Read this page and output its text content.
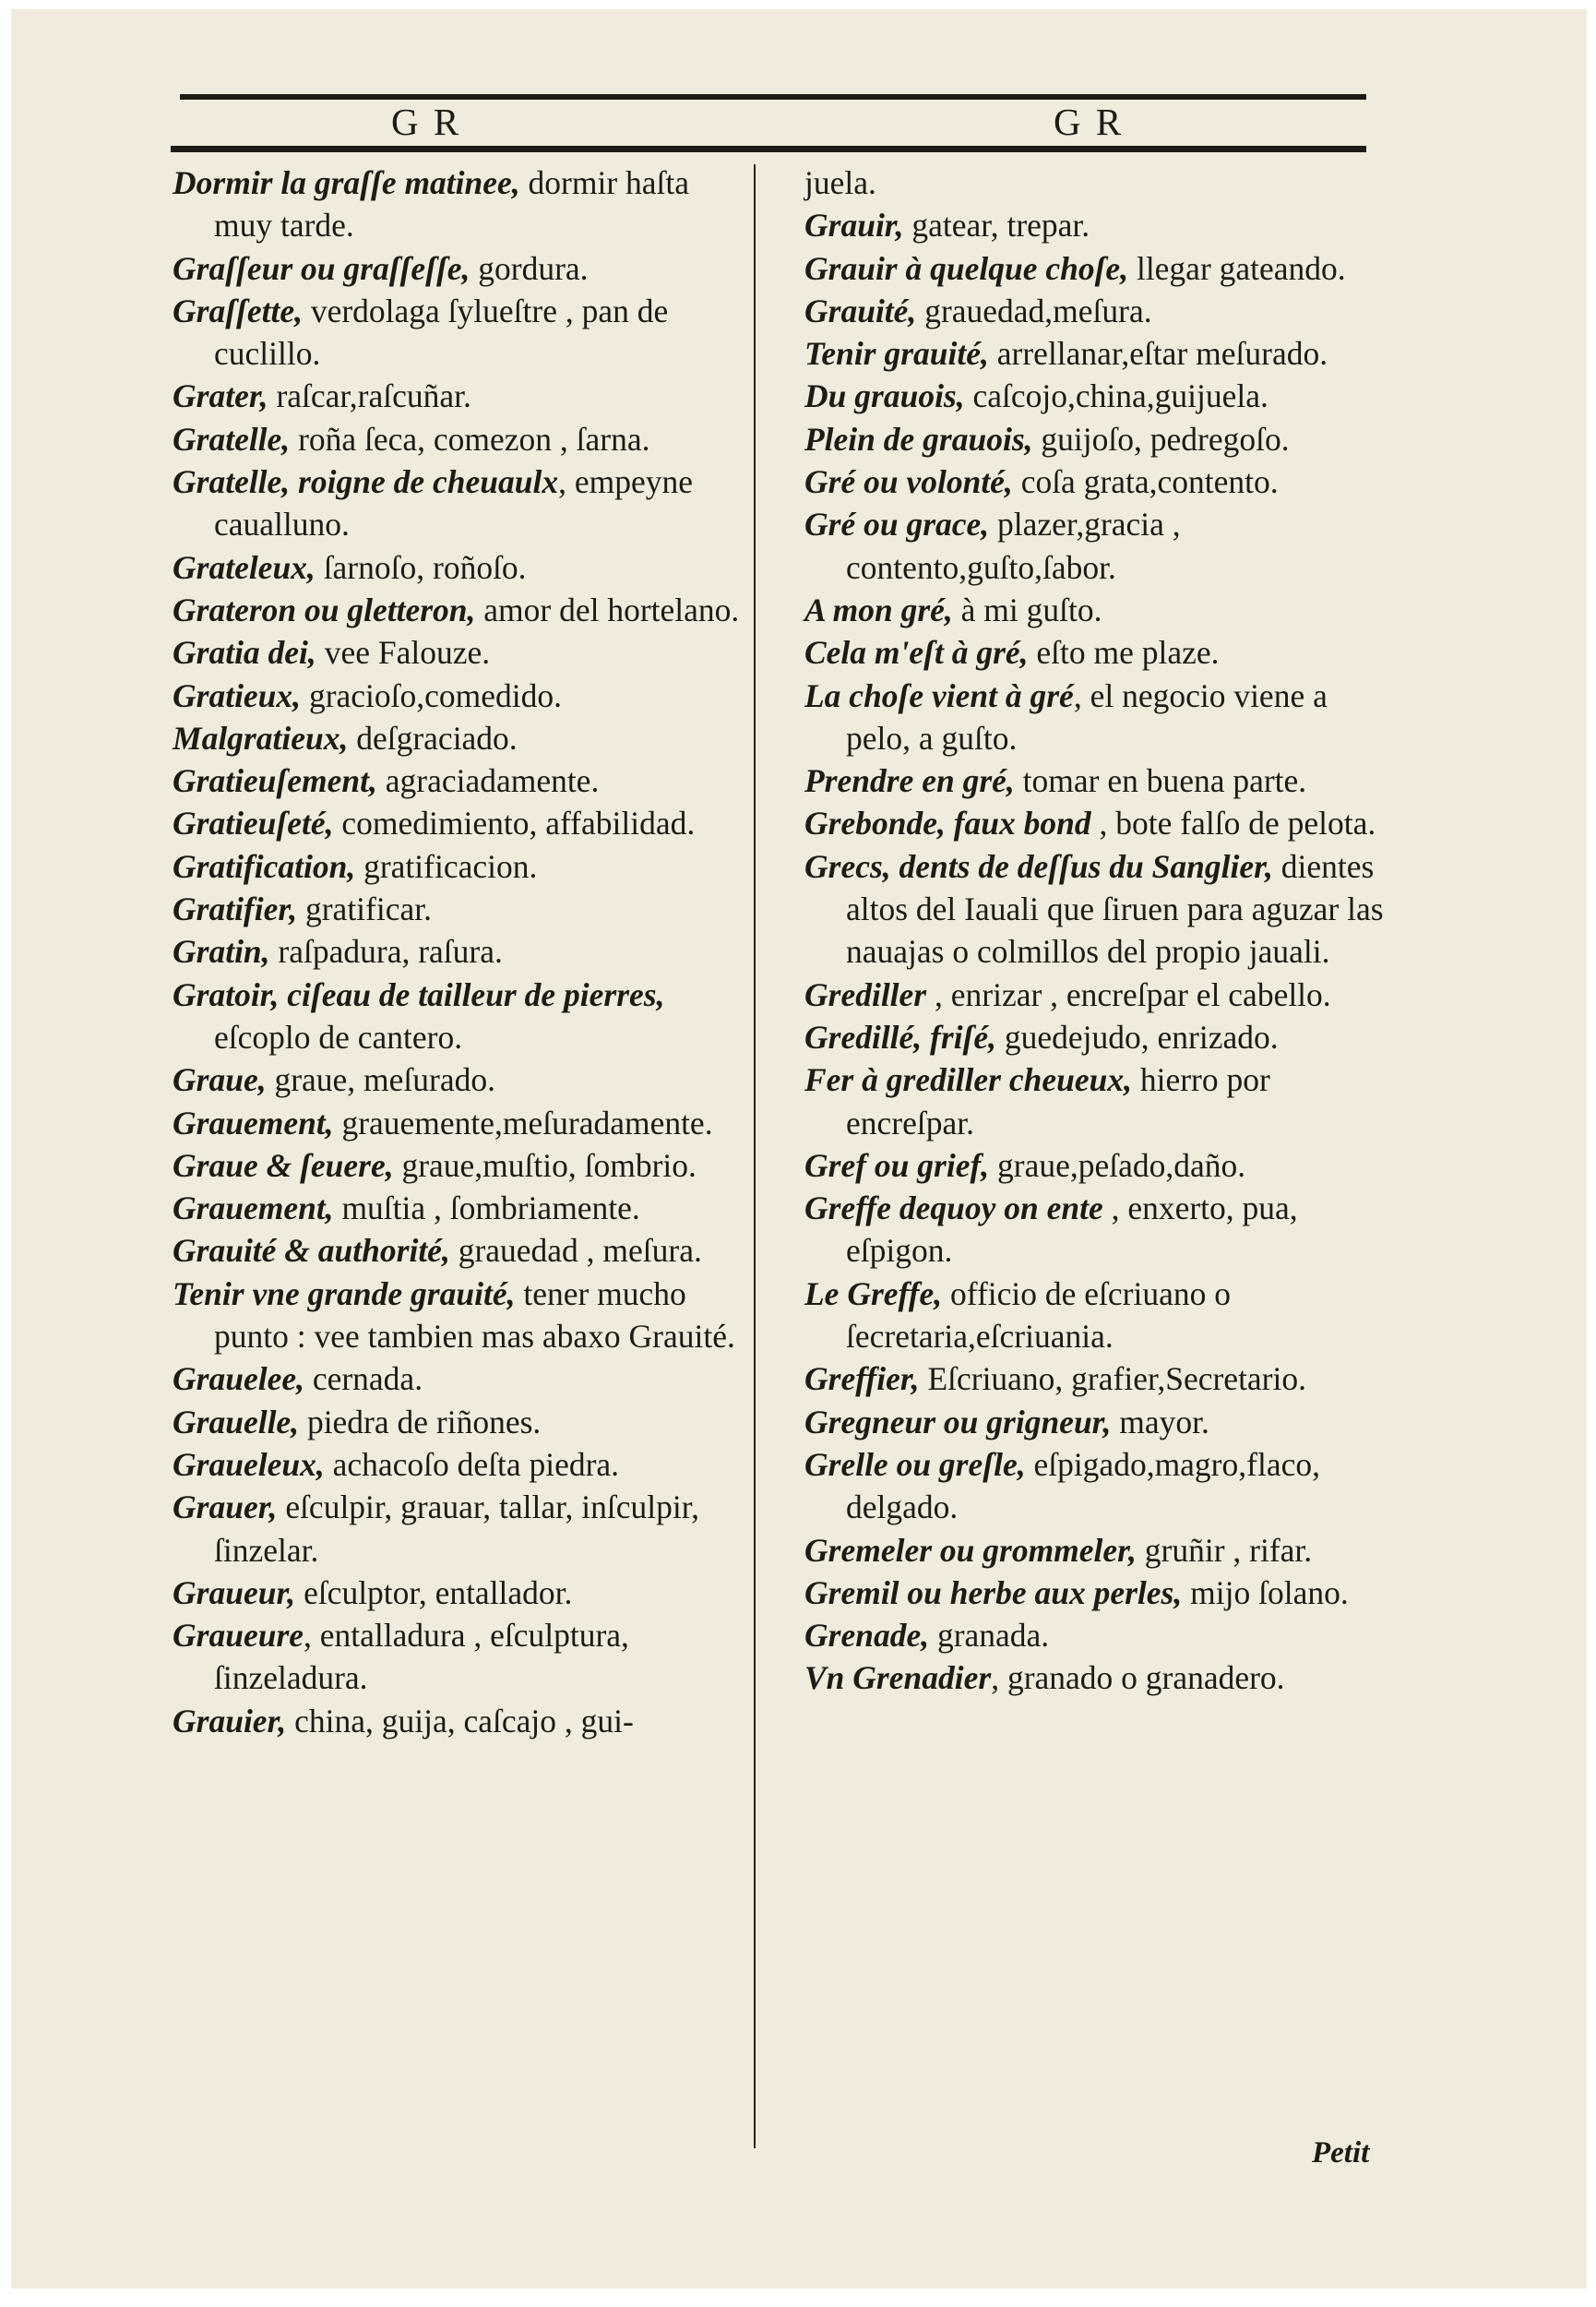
G R	G R
Dormir la graſſe matinee, dormir haſta muy tarde.
Graſſeur ou graſſeſſe, gordura.
Graſſette, verdolaga ſylueſtre , pan de cuclillo.
Grater, raſcar,raſcuñar.
Gratelle, roña ſeca, comezon , ſarna.
Gratelle, roigne de cheuaulx, empeyne caualluno.
Grateleux, ſarnoſo, roñoſo.
Grateron ou gletteron, amor del hortelano.
Gratia dei, vee Falouze.
Gratieux, gracioſo,comedido.
Malgratieux, deſgraciado.
Gratieuſement, agraciadamente.
Gratieuſeté, comedimiento, affabilidad.
Gratification, gratificacion.
Gratifier, gratificar.
Gratin, raſpadura, raſura.
Gratoir, ciſeau de tailleur de pierres, eſcoplo de cantero.
Graue, graue, meſurado.
Grauement, grauemente,meſuradamente.
Graue & ſeuere, graue,muſtio, ſombrio.
Grauement, muſtia , ſombriamente.
Grauité & authorité, grauedad , meſura.
Tenir vne grande grauité, tener mucho punto : vee tambien mas abaxo Grauité.
Grauelee, cernada.
Grauelle, piedra de riñones.
Graueleux, achacoſo deſta piedra.
Grauer, eſculpir, grauar, tallar, inſculpir, ſinzelar.
Graueur, eſculptor, entallador.
Graueure, entalladura , eſculptura, ſinzeladura.
Grauier, china, guija, caſcajo , gui-
juela.
Grauir, gatear, trepar.
Grauir à quelque choſe, llegar gateando.
Grauité, grauedad,meſura.
Tenir grauité, arrellanar,eſtar meſurado.
Du grauois, caſcojo,china,guijuela.
Plein de grauois, guijoſo, pedregoſo.
Gré ou volonté, coſa grata,contento.
Gré ou grace, plazer,gracia , contento,guſto,ſabor.
A mon gré, à mi guſto.
Cela m'eſt à gré, eſto me plaze.
La choſe vient à gré, el negocio viene a pelo, a guſto.
Prendre en gré, tomar en buena parte.
Grebonde, faux bond , bote falſo de pelota.
Grecs, dents de deſſus du Sanglier, dientes altos del Iauali que ſiruen para aguzar las nauajas o colmillos del propio jauali.
Grediller , enrizar , encreſpar el cabello.
Gredillé, friſé, guedejudo, enrizado.
Fer à grediller cheueux, hierro por encreſpar.
Gref ou grief, graue,peſado,daño.
Greffe dequoy on ente , enxerto, pua, eſpigon.
Le Greffe, officio de eſcriuano o ſecretaria,eſcriuania.
Greffier, Eſcriuano, grafier,Secretario.
Gregneur ou grigneur, mayor.
Grelle ou greſle, eſpigado,magro,flaco, delgado.
Gremeler ou grommeler, gruñir , rifar.
Gremil ou herbe aux perles, mijo ſolano.
Grenade, granada.
Vn Grenadier, granado o granadero.
Petit
